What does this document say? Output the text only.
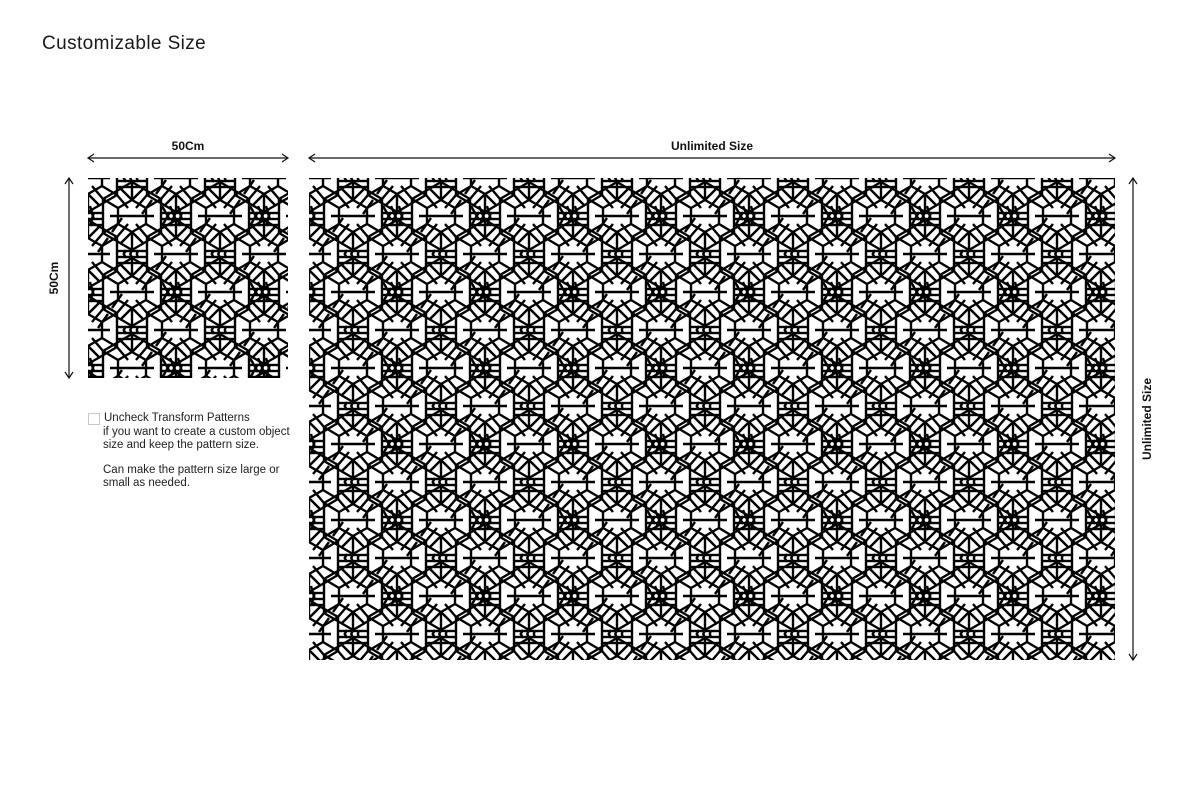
Customizable Size
50Cm	Unlimited Size
50Cm
Unlimited Size
Uncheck Transform Patterns

if you want to create a custom object size and keep the pattern size.

Can make the pattern size large or small as needed.
